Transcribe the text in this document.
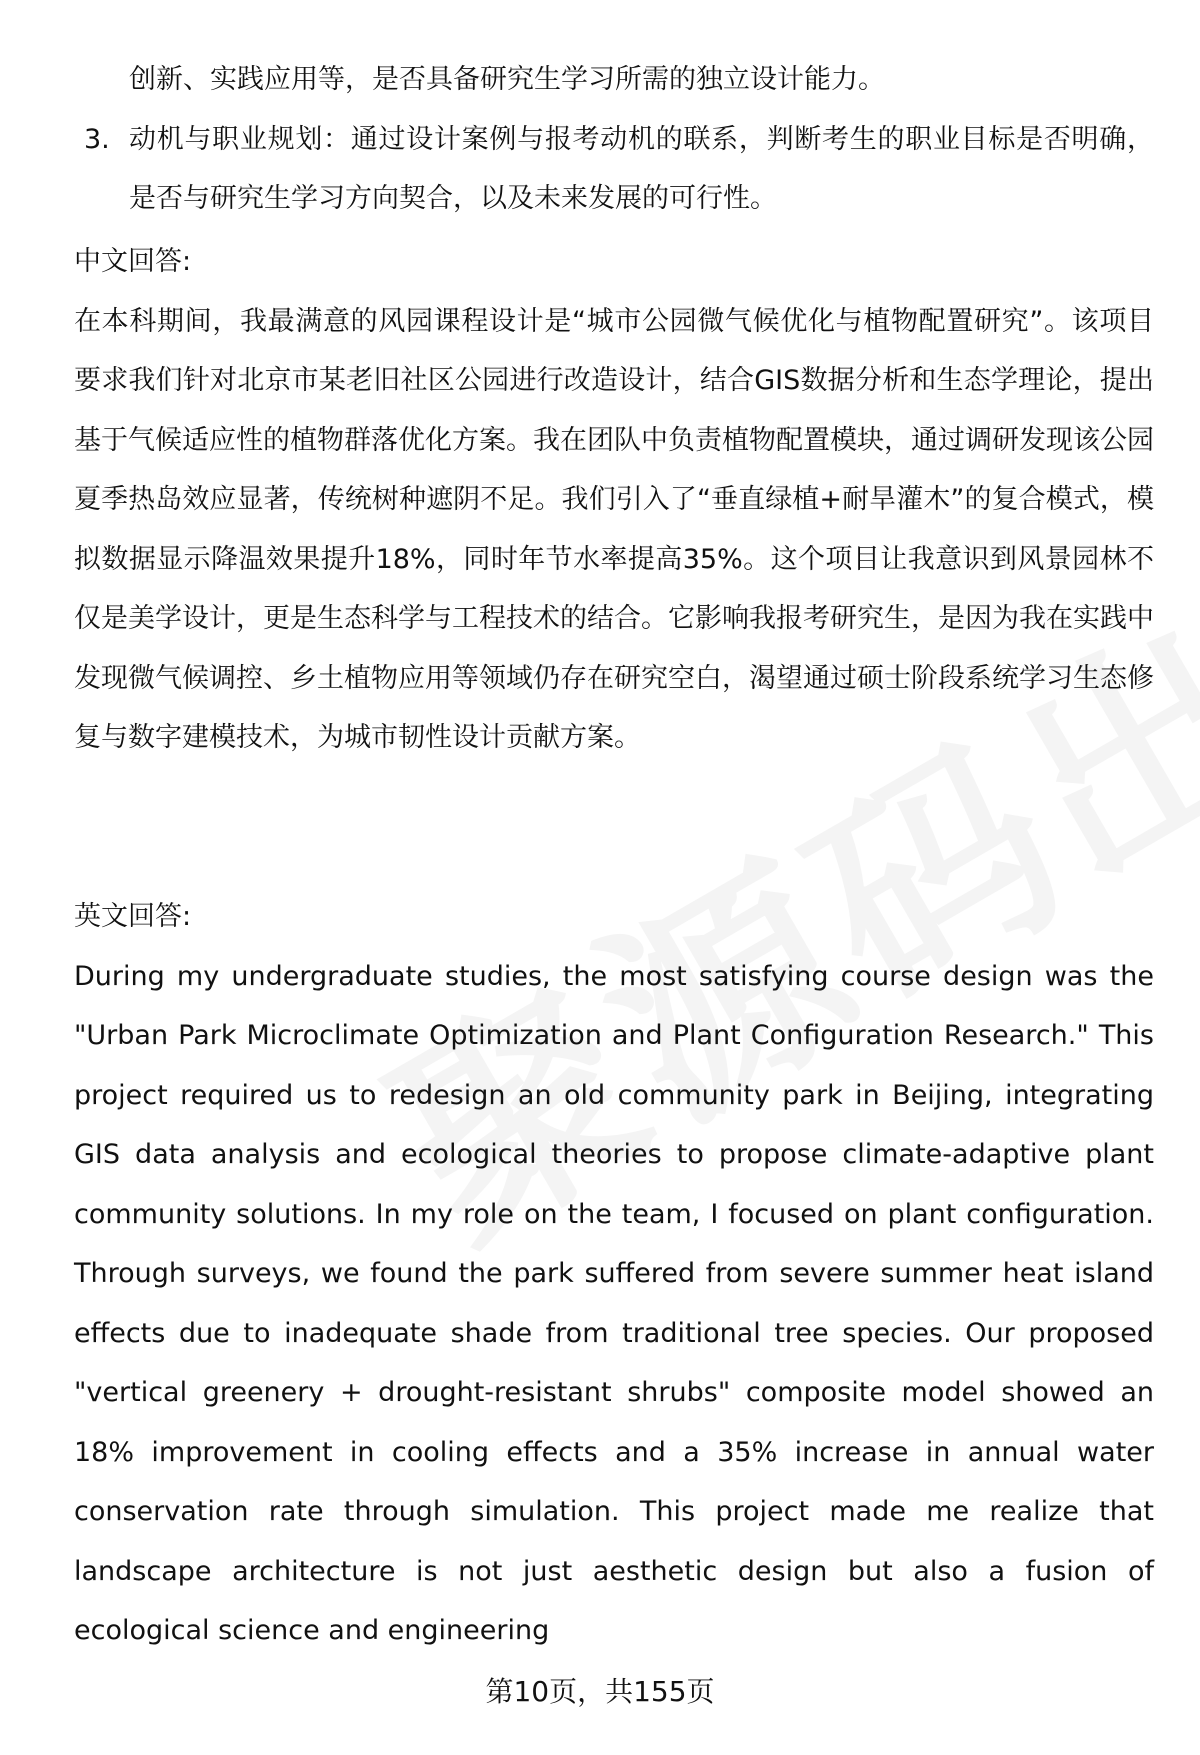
创新、实践应用等，是否具备研究生学习所需的独立设计能力。

3. 动机与职业规划：通过设计案例与报考动机的联系，判断考生的职业目标是否明确，是否与研究生学习方向契合，以及未来发展的可行性。

中文回答:

在本科期间，我最满意的风园课程设计是“城市公园微气候优化与植物配置研究”。该项目要求我们针对北京市某老旧社区公园进行改造设计，结合GIS数据分析和生态学理论，提出基于气候适应性的植物群落优化方案。我在团队中负责植物配置模块，通过调研发现该公园夏季热岛效应显著，传统树种遮阴不足。我们引入了“垂直绿植+耐旱灌木”的复合模式，模拟数据显示降温效果提升18%，同时年节水率提高35%。这个项目让我意识到风景园林不仅是美学设计，更是生态科学与工程技术的结合。它影响我报考研究生，是因为我在实践中发现微气候调控、乡土植物应用等领域仍存在研究空白，渴望通过硕士阶段系统学习生态修复与数字建模技术，为城市韧性设计贡献方案。

英文回答:

During my undergraduate studies, the most satisfying course design was the "Urban Park Microclimate Optimization and Plant Configuration Research." This project required us to redesign an old community park in Beijing, integrating GIS data analysis and ecological theories to propose climate-adaptive plant community solutions. In my role on the team, I focused on plant configuration. Through surveys, we found the park suffered from severe summer heat island effects due to inadequate shade from traditional tree species. Our proposed "vertical greenery + drought-resistant shrubs" composite model showed an 18% improvement in cooling effects and a 35% increase in annual water conservation rate through simulation. This project made me realize that landscape architecture is not just aesthetic design but also a fusion of ecological science and engineering

第10页，共155页
